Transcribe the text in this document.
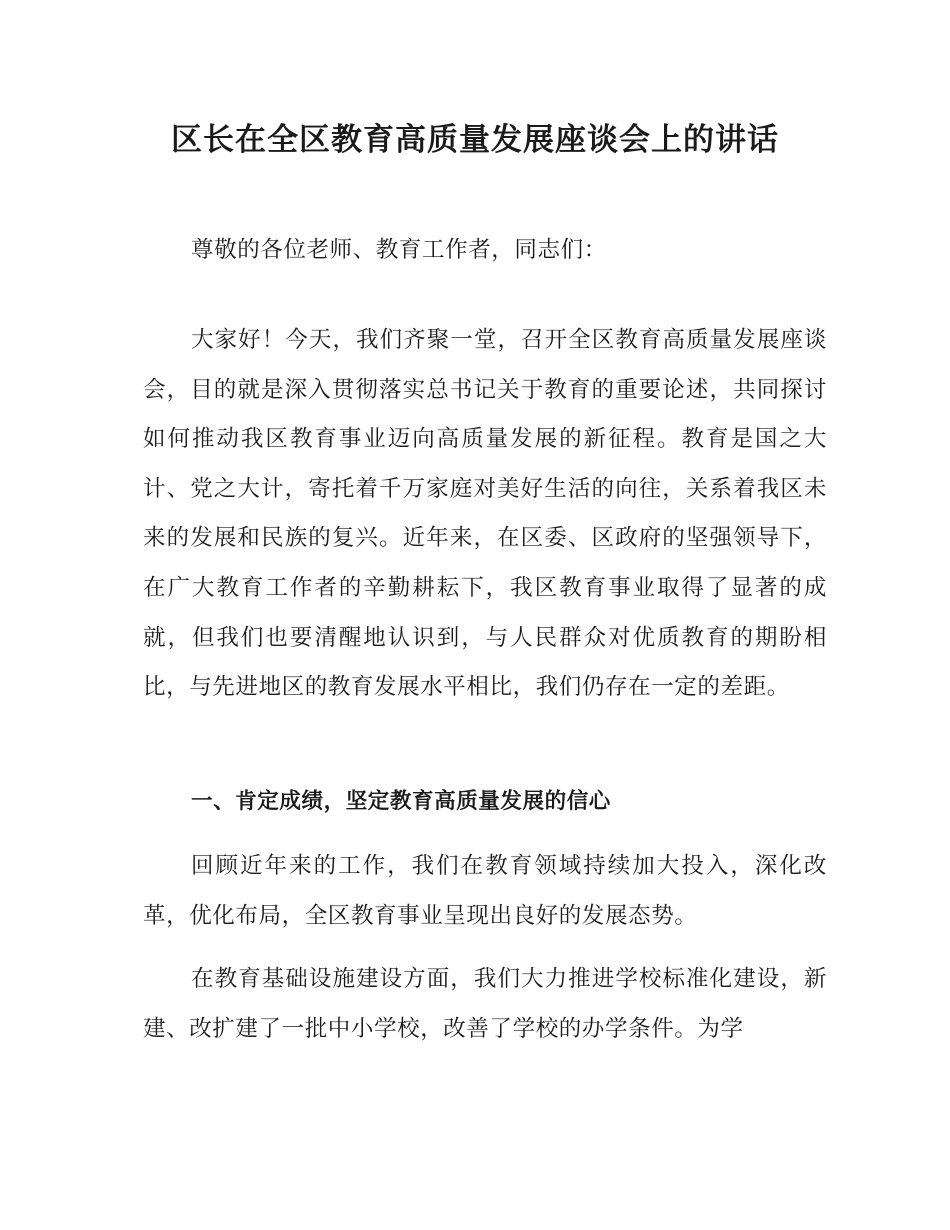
区长在全区教育高质量发展座谈会上的讲话

尊敬的各位老师、教育工作者，同志们：

大家好！今天，我们齐聚一堂，召开全区教育高质量发展座谈会，目的就是深入贯彻落实总书记关于教育的重要论述，共同探讨如何推动我区教育事业迈向高质量发展的新征程。教育是国之大计、党之大计，寄托着千万家庭对美好生活的向往，关系着我区未来的发展和民族的复兴。近年来，在区委、区政府的坚强领导下，在广大教育工作者的辛勤耕耘下，我区教育事业取得了显著的成就，但我们也要清醒地认识到，与人民群众对优质教育的期盼相比，与先进地区的教育发展水平相比，我们仍存在一定的差距。

一、肯定成绩，坚定教育高质量发展的信心

回顾近年来的工作，我们在教育领域持续加大投入，深化改革，优化布局，全区教育事业呈现出良好的发展态势。

在教育基础设施建设方面，我们大力推进学校标准化建设，新建、改扩建了一批中小学校，改善了学校的办学条件。为学
